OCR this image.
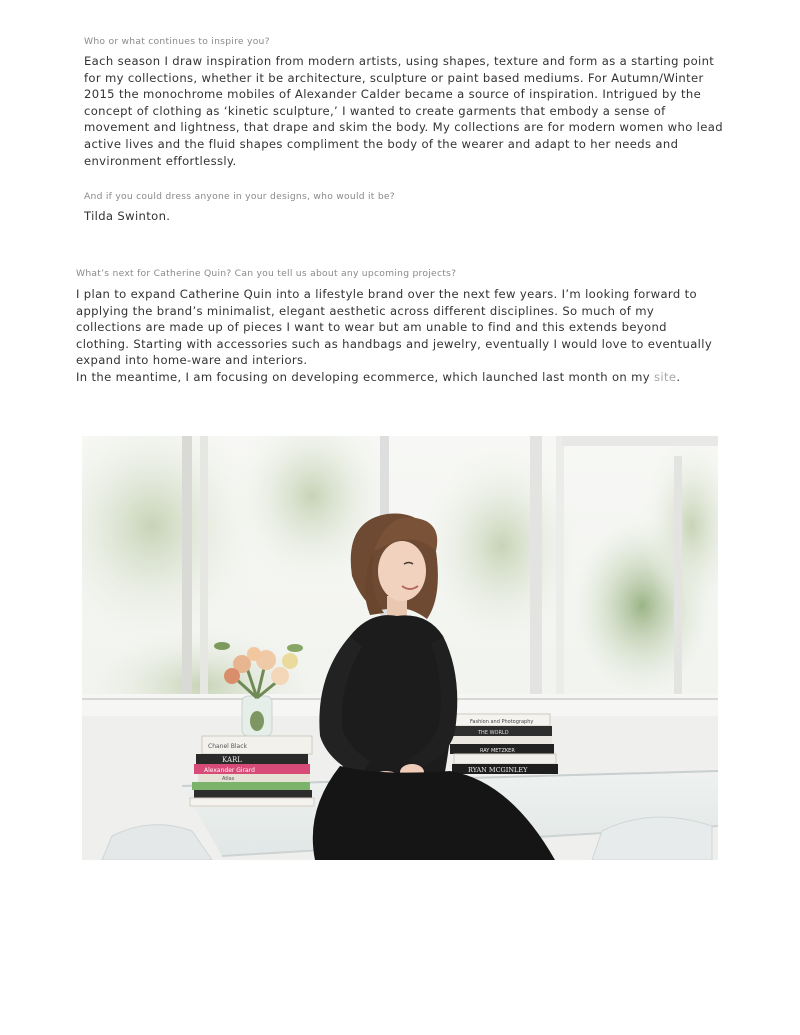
Who or what continues to inspire you?

Each season I draw inspiration from modern artists, using shapes, texture and form as a starting point
for my collections, whether it be architecture, sculpture or paint based mediums. For Autumn/Winter
2015 the monochrome mobiles of Alexander Calder became a source of inspiration. Intrigued by the
concept of clothing as ‘kinetic sculpture,’ I wanted to create garments that embody a sense of
movement and lightness, that drape and skim the body. My collections are for modern women who lead
active lives and the fluid shapes compliment the body of the wearer and adapt to her needs and
environment effortlessly.

And if you could dress anyone in your designs, who would it be?

Tilda Swinton.

What’s next for Catherine Quin? Can you tell us about any upcoming projects?

I plan to expand Catherine Quin into a lifestyle brand over the next few years. I’m looking forward to
applying the brand’s minimalist, elegant aesthetic across different disciplines. So much of my
collections are made up of pieces I want to wear but am unable to find and this extends beyond
clothing. Starting with accessories such as handbags and jewelry, eventually I would love to eventually
expand into home-ware and interiors.
In the meantime, I am focusing on developing ecommerce, which launched last month on my site.
Chanel Black
KARL
Alexander Girard
Atlas
Fashion and Photography
THE WORLD
RAY METZKER
RYAN MCGINLEY
